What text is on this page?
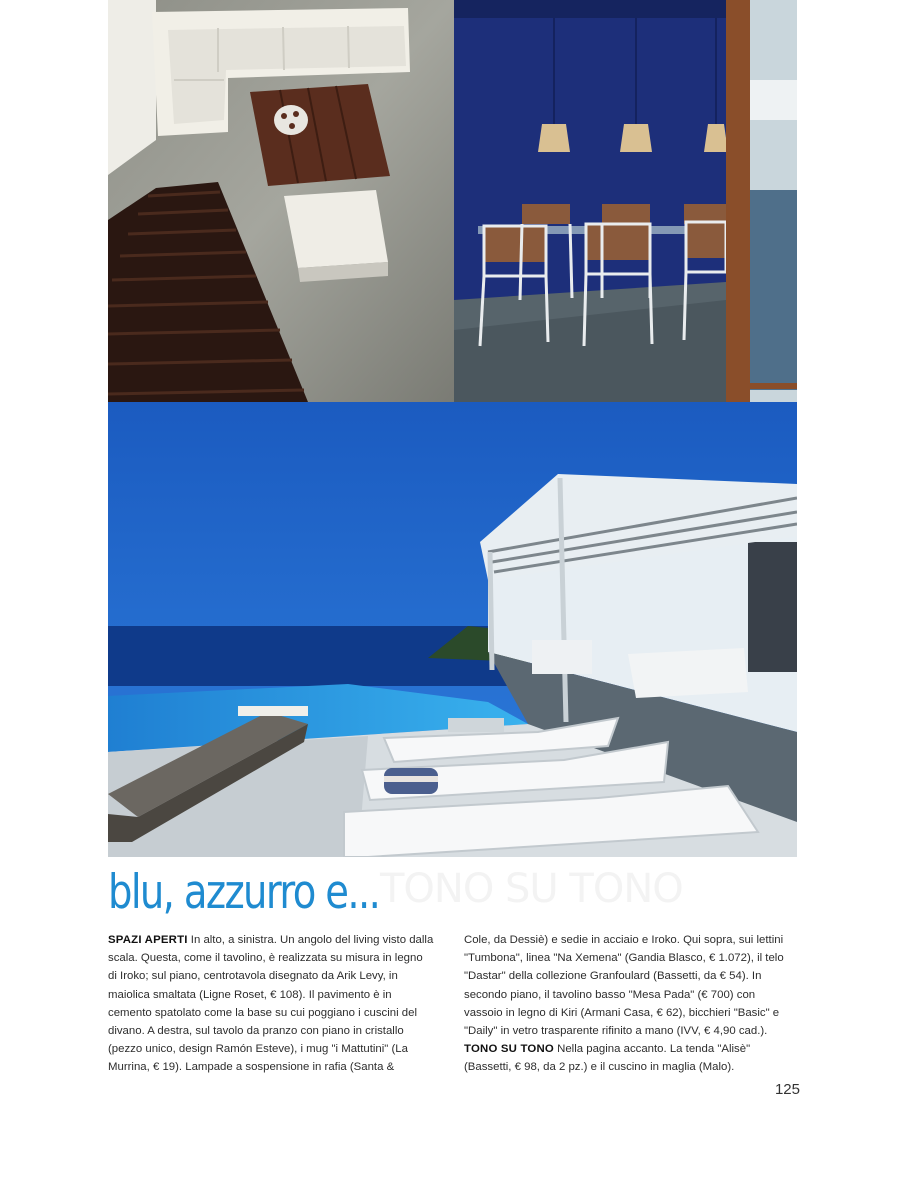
TONO SU TONO
blu, azzurro e...

SPAZI APERTI In alto, a sinistra. Un angolo del living visto dalla scala. Questa, come il tavolino, è realizzata su misura in legno di Iroko; sul piano, centrotavola disegnato da Arik Levy, in maiolica smaltata (Ligne Roset, € 108). Il pavimento è in cemento spatolato come la base su cui poggiano i cuscini del divano. A destra, sul tavolo da pranzo con piano in cristallo (pezzo unico, design Ramón Esteve), i mug "i Mattutini" (La Murrina, € 19). Lampade a sospensione in rafia (Santa &

Cole, da Dessiè) e sedie in acciaio e Iroko. Qui sopra, sui lettini "Tumbona", linea "Na Xemena" (Gandia Blasco, € 1.072), il telo "Dastar" della collezione Granfoulard (Bassetti, da € 54). In secondo piano, il tavolino basso "Mesa Pada" (€ 700) con vassoio in legno di Kiri (Armani Casa, € 62), bicchieri "Basic" e "Daily" in vetro trasparente rifinito a mano (IVV, € 4,90 cad.). TONO SU TONO Nella pagina accanto. La tenda "Alisè" (Bassetti, € 98, da 2 pz.) e il cuscino in maglia (Malo).

125
